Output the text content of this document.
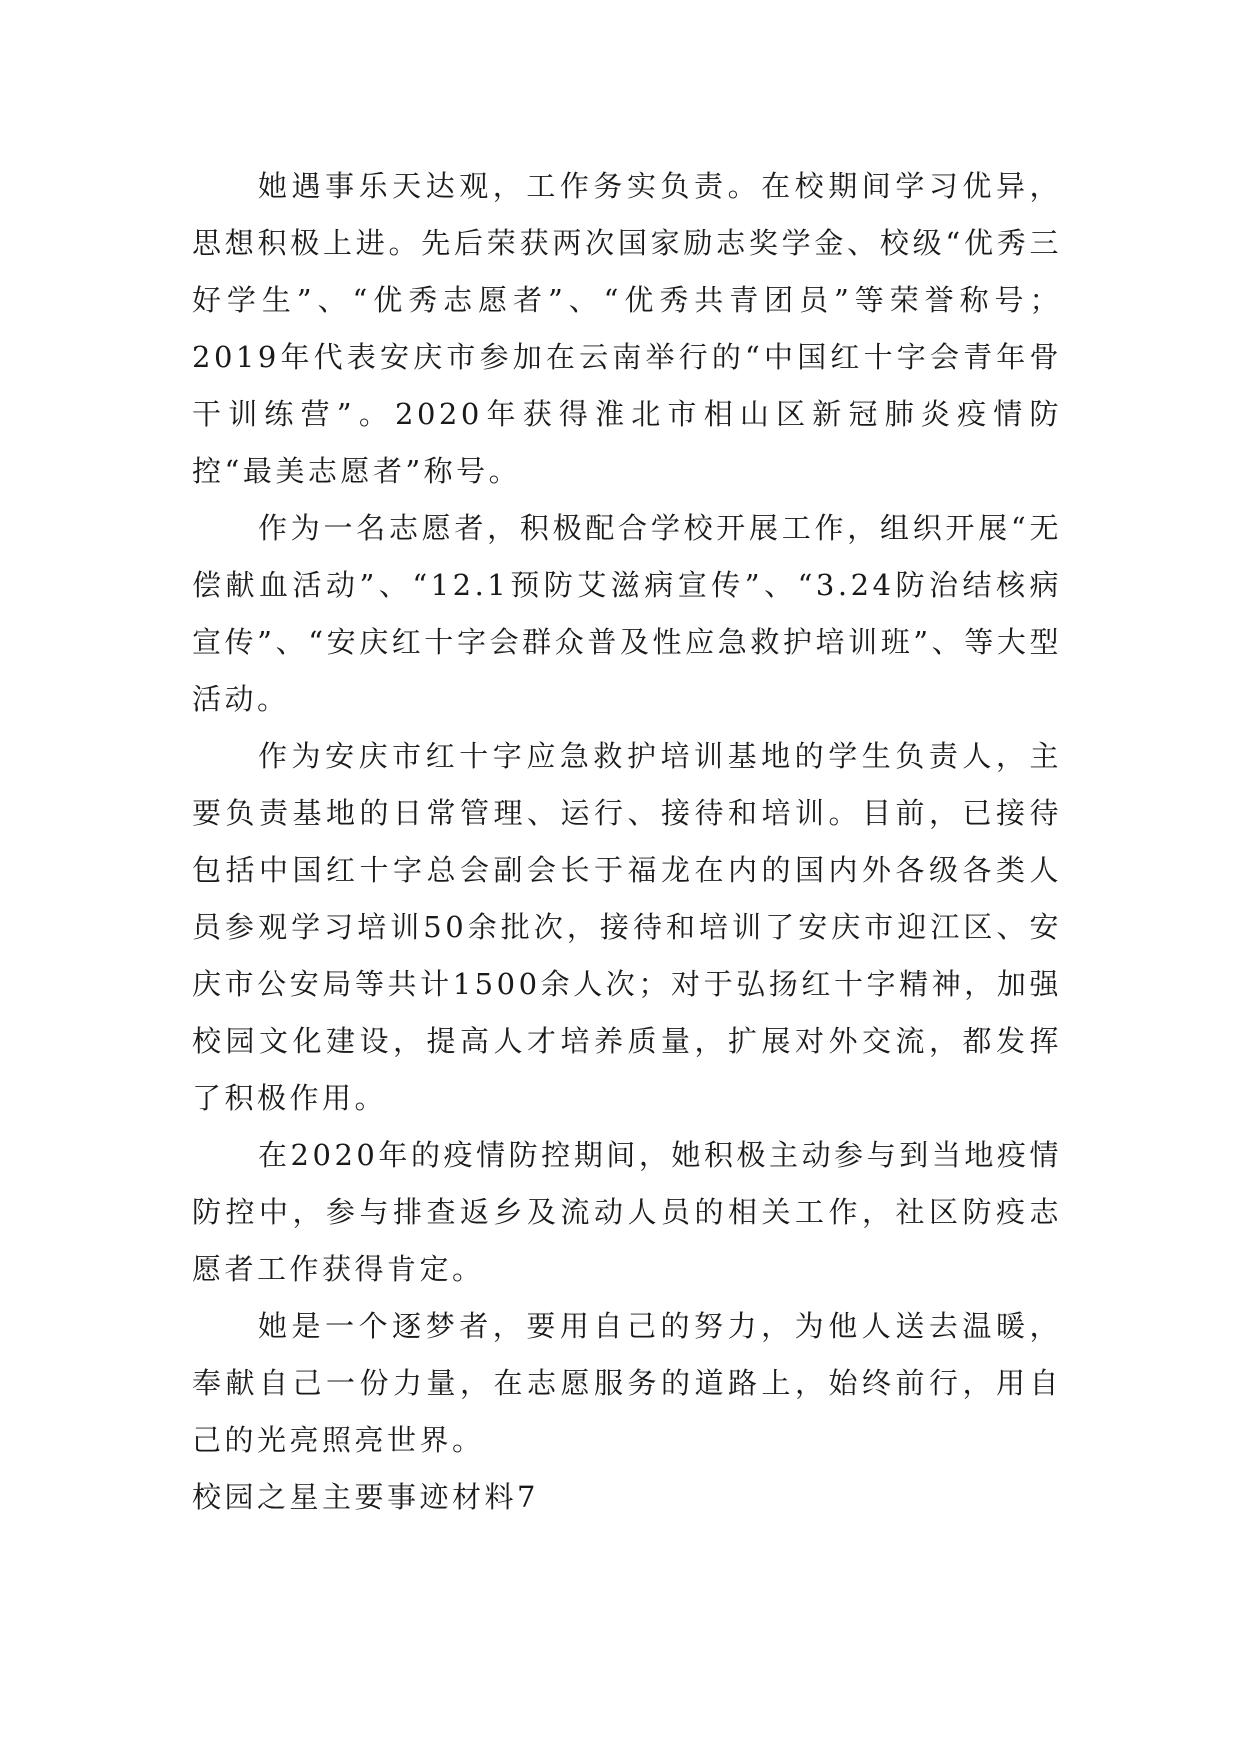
她遇事乐天达观，工作务实负责。在校期间学习优异，思想积极上进。先后荣获两次国家励志奖学金、校级“优秀三好学生”、“优秀志愿者”、“优秀共青团员”等荣誉称号；2019年代表安庆市参加在云南举行的“中国红十字会青年骨干训练营”。2020年获得淮北市相山区新冠肺炎疫情防控“最美志愿者”称号。

作为一名志愿者，积极配合学校开展工作，组织开展“无偿献血活动”、“12.1预防艾滋病宣传”、“3.24防治结核病宣传”、“安庆红十字会群众普及性应急救护培训班”、等大型活动。

作为安庆市红十字应急救护培训基地的学生负责人，主要负责基地的日常管理、运行、接待和培训。目前，已接待包括中国红十字总会副会长于福龙在内的国内外各级各类人员参观学习培训50余批次，接待和培训了安庆市迎江区、安庆市公安局等共计1500余人次；对于弘扬红十字精神，加强校园文化建设，提高人才培养质量，扩展对外交流，都发挥了积极作用。

在2020年的疫情防控期间，她积极主动参与到当地疫情防控中，参与排查返乡及流动人员的相关工作，社区防疫志愿者工作获得肯定。

她是一个逐梦者，要用自己的努力，为他人送去温暖，奉献自己一份力量，在志愿服务的道路上，始终前行，用自己的光亮照亮世界。

校园之星主要事迹材料7
